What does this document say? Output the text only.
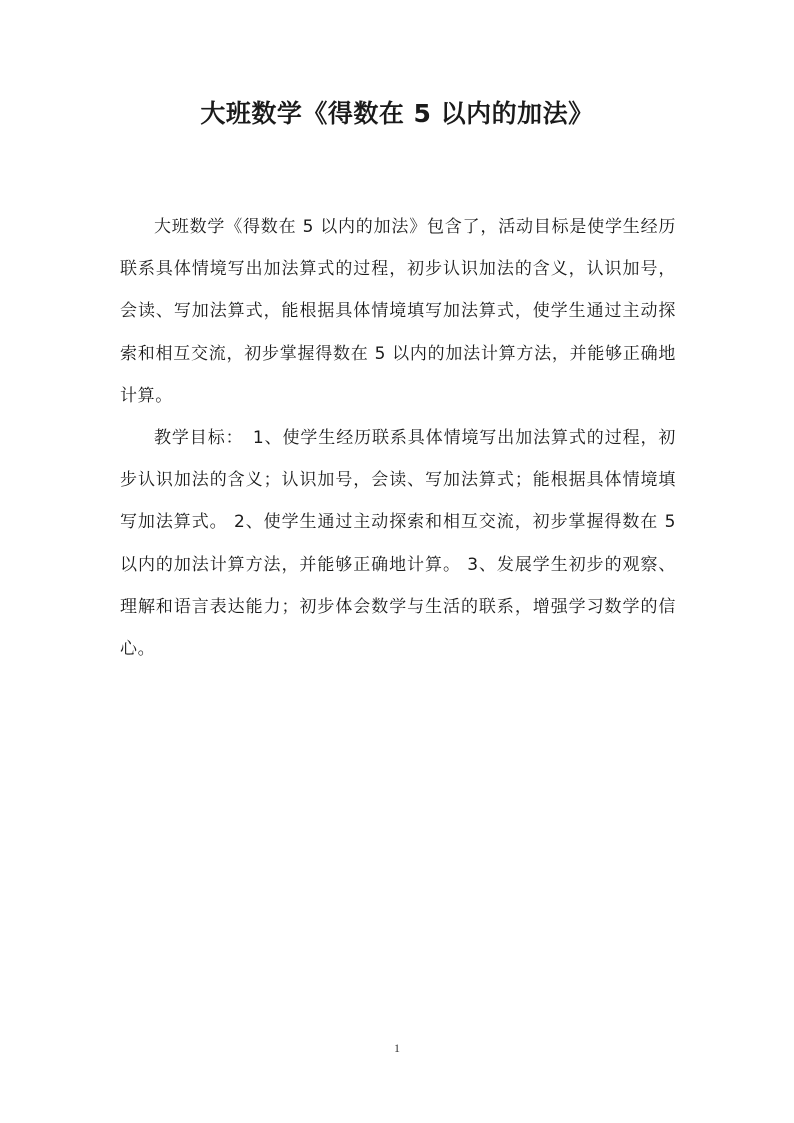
大班数学《得数在 5 以内的加法》

大班数学《得数在 5 以内的加法》包含了，活动目标是使学生经历联系具体情境写出加法算式的过程，初步认识加法的含义，认识加号，会读、写加法算式，能根据具体情境填写加法算式，使学生通过主动探索和相互交流，初步掌握得数在 5 以内的加法计算方法，并能够正确地计算。

教学目标：　1、使学生经历联系具体情境写出加法算式的过程，初步认识加法的含义；认识加号，会读、写加法算式；能根据具体情境填写加法算式。 2、使学生通过主动探索和相互交流，初步掌握得数在 5 以内的加法计算方法，并能够正确地计算。 3、发展学生初步的观察、理解和语言表达能力；初步体会数学与生活的联系，增强学习数学的信心。

1
